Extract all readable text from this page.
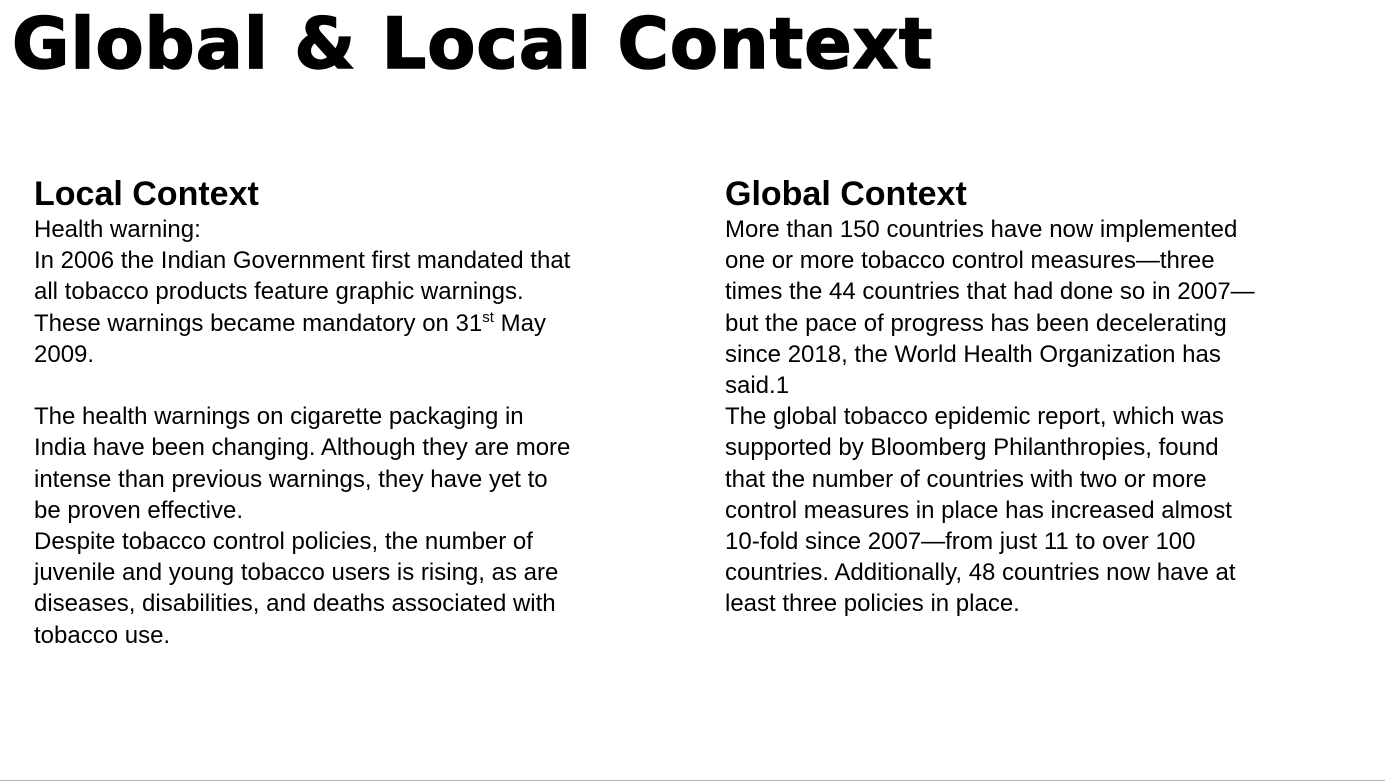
Global & Local Context
Local Context

Health warning:

In 2006 the Indian Government first mandated that

all tobacco products feature graphic warnings.

These warnings became mandatory on 31st May

2009.

The health warnings on cigarette packaging in

India have been changing. Although they are more

intense than previous warnings, they have yet to

be proven effective.

Despite tobacco control policies, the number of

juvenile and young tobacco users is rising, as are

diseases, disabilities, and deaths associated with

tobacco use.

Global Context

More than 150 countries have now implemented

one or more tobacco control measures—three

times the 44 countries that had done so in 2007—

but the pace of progress has been decelerating

since 2018, the World Health Organization has

said.1

The global tobacco epidemic report, which was

supported by Bloomberg Philanthropies, found

that the number of countries with two or more

control measures in place has increased almost

10-fold since 2007—from just 11 to over 100

countries. Additionally, 48 countries now have at

least three policies in place.
